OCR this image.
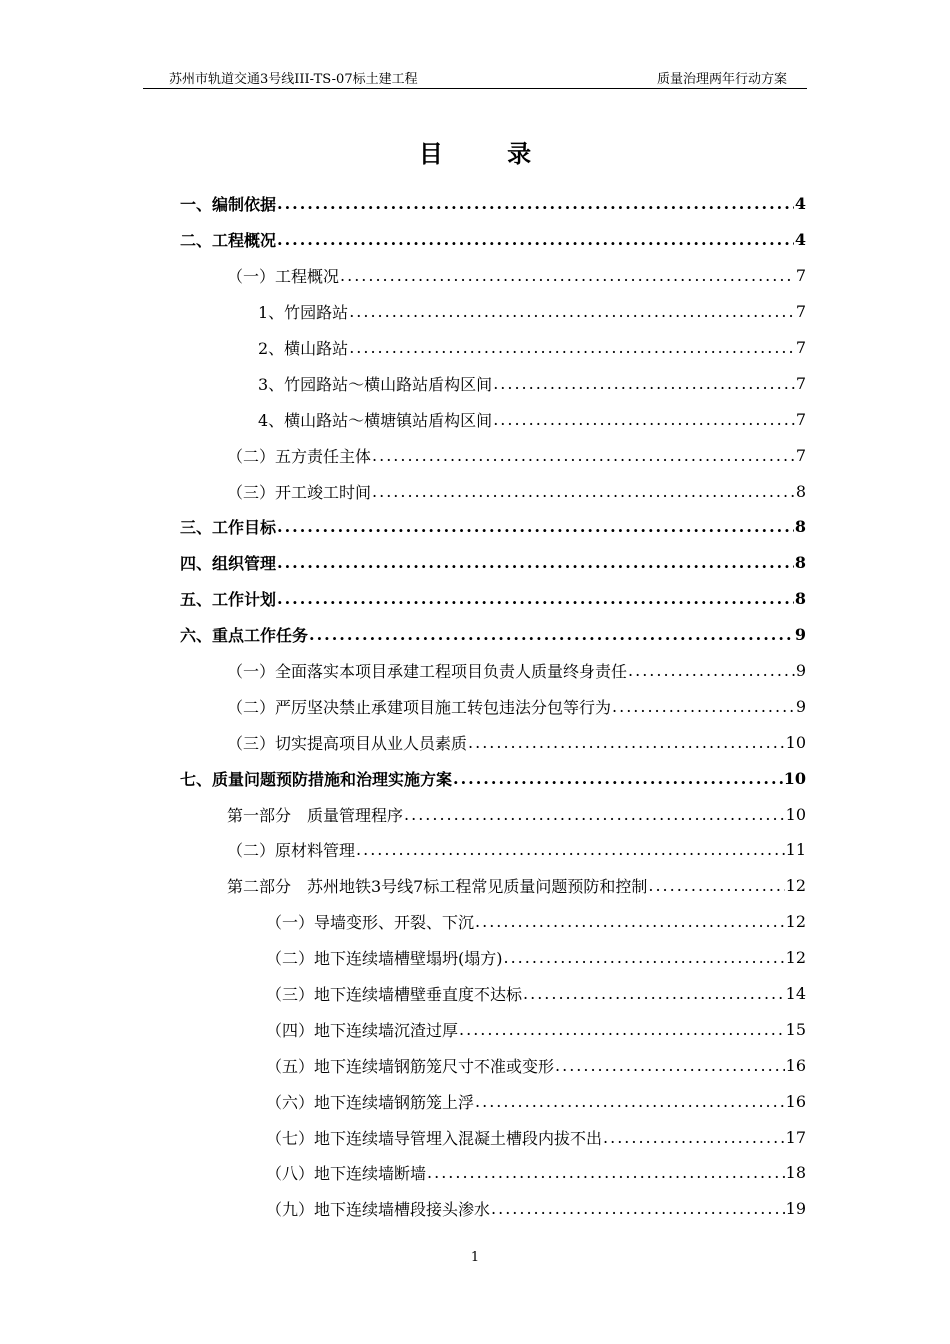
苏州市轨道交通3号线III-TS-07标土建工程	质量治理两年行动方案
目 录
一、编制依据 .....	4
二、工程概况 .....	4
（一）工程概况 .....	7
1、竹园路站 .....	7
2、横山路站 .....	7
3、竹园路站～横山路站盾构区间 .....	7
4、横山路站～横塘镇站盾构区间 .....	7
（二）五方责任主体 .....	7
（三）开工竣工时间 .....	8
三、工作目标 .....	8
四、组织管理 .....	8
五、工作计划 .....	8
六、重点工作任务 .....	9
（一）全面落实本项目承建工程项目负责人质量终身责任 .....	9
（二）严厉坚决禁止承建项目施工转包违法分包等行为 .....	9
（三）切实提高项目从业人员素质 .....	10
七、质量问题预防措施和治理实施方案 .....	10
第一部分　质量管理程序 .....	10
（二）原材料管理 .....	11
第二部分　苏州地铁3号线7标工程常见质量问题预防和控制 .....	12
（一）导墙变形、开裂、下沉 .....	12
（二）地下连续墙槽壁塌坍(塌方) .....	12
（三）地下连续墙槽壁垂直度不达标 .....	14
（四）地下连续墙沉渣过厚 .....	15
（五）地下连续墙钢筋笼尺寸不准或变形 .....	16
（六）地下连续墙钢筋笼上浮 .....	16
（七）地下连续墙导管埋入混凝土槽段内拔不出 .....	17
（八）地下连续墙断墙 .....	18
（九）地下连续墙槽段接头渗水 .....	19
1
